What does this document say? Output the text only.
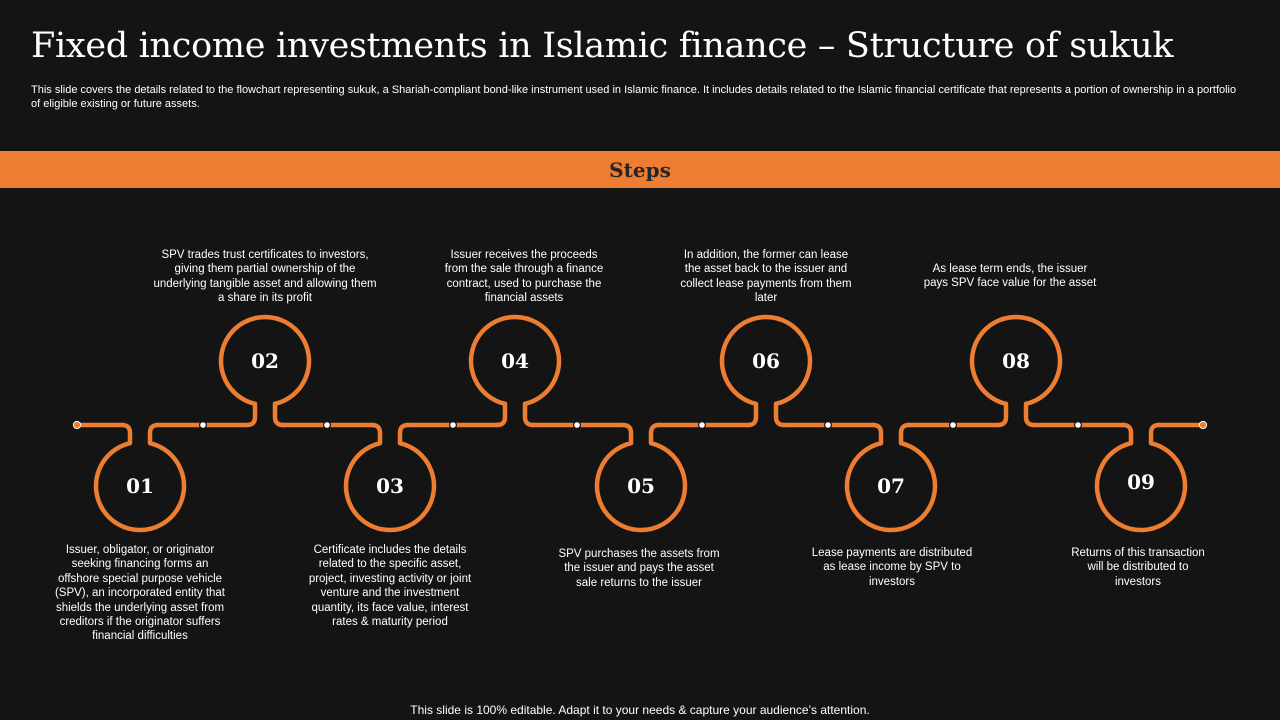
Fixed income investments in Islamic finance – Structure of sukuk

This slide covers the details related to the flowchart representing sukuk, a Shariah-compliant bond-like instrument used in Islamic finance. It includes details related to the Islamic financial certificate that represents a portion of ownership in a portfolio of eligible existing or future assets.

Steps
01
02
03
04
05
06
07
08
09

Issuer, obligator, or originator seeking financing forms an offshore special purpose vehicle (SPV), an incorporated entity that shields the underlying asset from creditors if the originator suffers financial difficulties

SPV trades trust certificates to investors, giving them partial ownership of the underlying tangible asset and allowing them a share in its profit

Certificate includes the details related to the specific asset, project, investing activity or joint venture and the investment quantity, its face value, interest rates & maturity period

Issuer receives the proceeds from the sale through a finance contract, used to purchase the financial assets

SPV purchases the assets from the issuer and pays the asset sale returns to the issuer

In addition, the former can lease the asset back to the issuer and collect lease payments from them later

Lease payments are distributed as lease income by SPV to investors

As lease term ends, the issuer pays SPV face value for the asset

Returns of this transaction will be distributed to investors

This slide is 100% editable. Adapt it to your needs & capture your audience’s attention.
